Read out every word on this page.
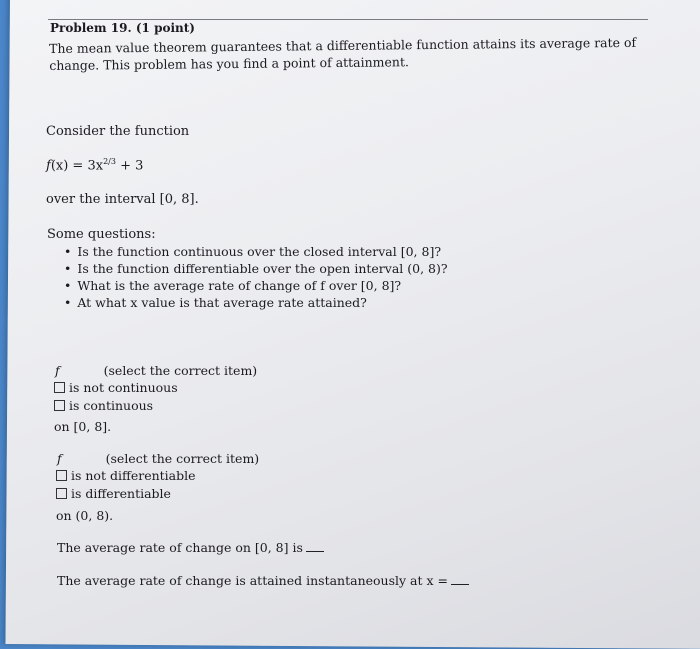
Problem 19. (1 point)
The mean value theorem guarantees that a differentiable function attains its average rate of change. This problem has you find a point of attainment.
Consider the function
$f(x) = 3x^{2/3} + 3$
over the interval [0, 8].
Some questions:
• Is the function continuous over the closed interval [0, 8]?
• Is the function differentiable over the open interval (0, 8)?
• What is the average rate of change of f over [0, 8]?
• At what x value is that average rate attained?
f	(select the correct item)
is not continuous
is continuous
on [0, 8].
f	(select the correct item)
is not differentiable
is differentiable
on (0, 8).
The average rate of change on [0, 8] is
The average rate of change is attained instantaneously at x =
